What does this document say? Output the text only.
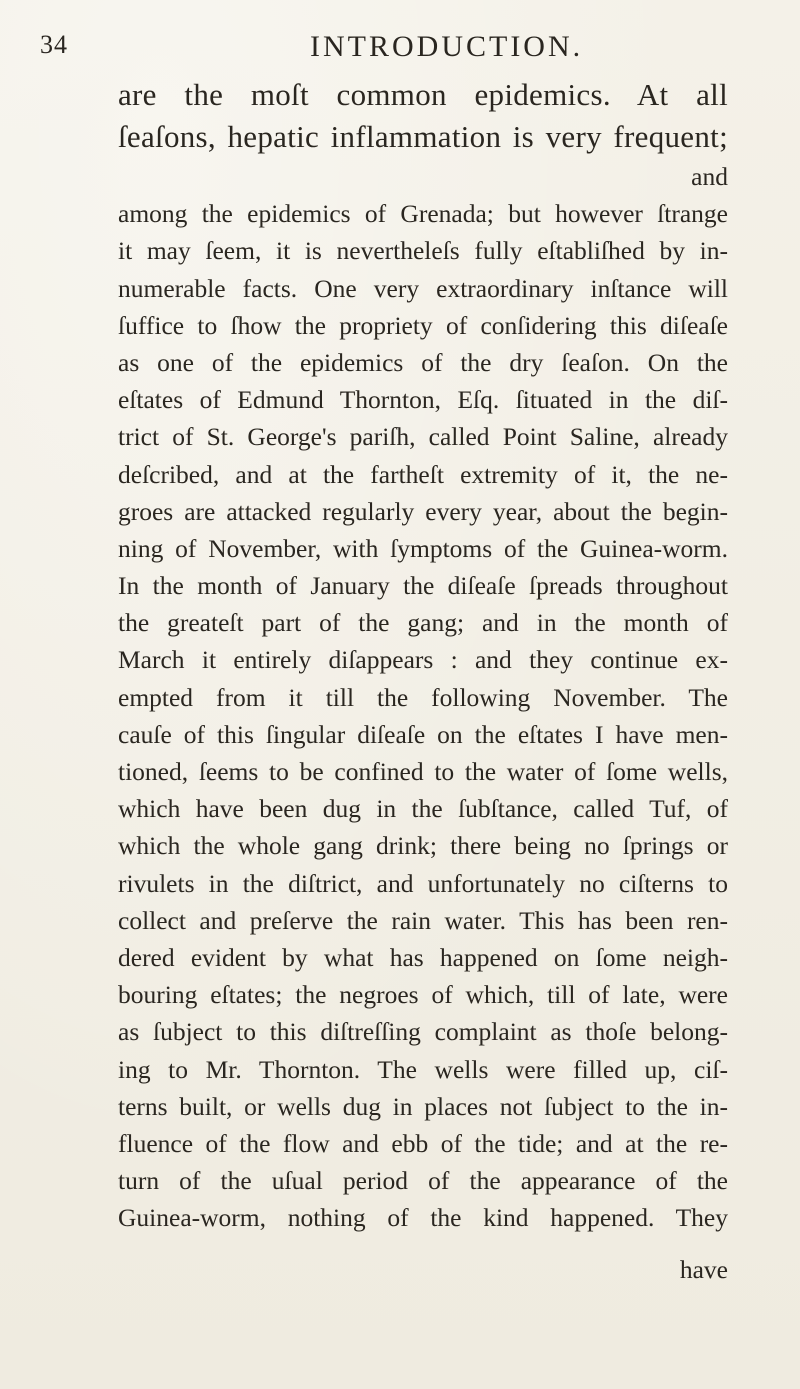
34	INTRODUCTION.
are the moſt common epidemics. At all
ſeaſons, hepatic inflammation is very frequent;
and
among the epidemics of Grenada; but however ſtrange
it may ſeem, it is nevertheleſs fully eſtabliſhed by in-
numerable facts. One very extraordinary inſtance will
ſuffice to ſhow the propriety of conſidering this diſeaſe
as one of the epidemics of the dry ſeaſon. On the
eſtates of Edmund Thornton, Eſq. ſituated in the diſ-
trict of St. George's pariſh, called Point Saline, already
deſcribed, and at the fartheſt extremity of it, the ne-
groes are attacked regularly every year, about the begin-
ning of November, with ſymptoms of the Guinea-worm.
In the month of January the diſeaſe ſpreads throughout
the greateſt part of the gang; and in the month of
March it entirely diſappears : and they continue ex-
empted from it till the following November. The
cauſe of this ſingular diſeaſe on the eſtates I have men-
tioned, ſeems to be confined to the water of ſome wells,
which have been dug in the ſubſtance, called Tuf, of
which the whole gang drink; there being no ſprings or
rivulets in the diſtrict, and unfortunately no ciſterns to
collect and preſerve the rain water. This has been ren-
dered evident by what has happened on ſome neigh-
bouring eſtates; the negroes of which, till of late, were
as ſubject to this diſtreſſing complaint as thoſe belong-
ing to Mr. Thornton. The wells were filled up, ciſ-
terns built, or wells dug in places not ſubject to the in-
fluence of the flow and ebb of the tide; and at the re-
turn of the uſual period of the appearance of the
Guinea-worm, nothing of the kind happened. They
have
